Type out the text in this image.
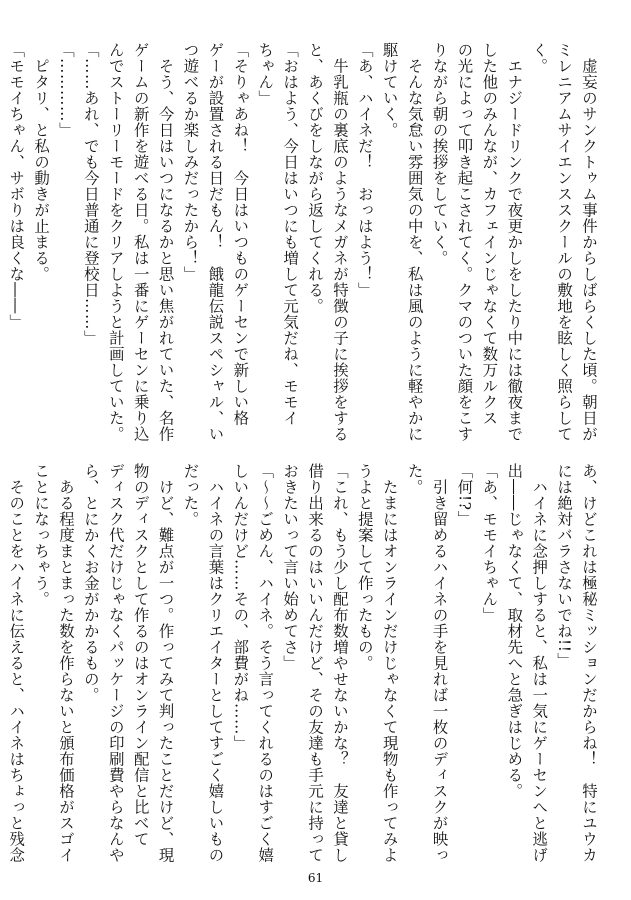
　虚妄のサンクトゥム事件からしばらくした頃。朝日が
ミレニアムサイエンススクールの敷地を眩しく照らして
く。
　エナジードリンクで夜更かしをしたり中には徹夜まで
した他のみんなが、カフェインじゃなくて数万ルクス
の光によって叩き起こされてく。クマのついた顔をこす
りながら朝の挨拶をしていく。
　そんな気怠い雰囲気の中を、私は風のように軽やかに
駆けていく。
「あ、ハイネだ！　おっはよう！」
　牛乳瓶の裏底のようなメガネが特徴の子に挨拶をする
と、あくびをしながら返してくれる。
「おはよう、今日はいつにも増して元気だね、モモイ
ちゃん」
「そりゃあね！　今日はいつものゲーセンで新しい格
ゲーが設置される日だもん！　餓龍伝説スペシャル、い
つ遊べるか楽しみだったから！」
　そう、今日はいつになるかと思い焦がれていた、名作
ゲームの新作を遊べる日。私は一番にゲーセンに乗り込
んでストーリーモードをクリアしようと計画していた。
「……あれ、でも今日普通に登校日……」
「…………」
　ピタリ、と私の動きが止まる。
「モモイちゃん、サボりは良くな――」
あ、けどこれは極秘ミッションだからね！　特にユウカ
には絶対バラさないでね!!」
　ハイネに念押しすると、私は一気にゲーセンへと逃げ
出――じゃなくて、取材先へと急ぎはじめる。
「あ、モモイちゃん」
「何!?」
　引き留めるハイネの手を見れば一枚のディスクが映っ
た。
　たまにはオンラインだけじゃなくて現物も作ってみよ
うよと提案して作ったもの。
「これ、もう少し配布数増やせないかな？　友達と貸し
借り出来るのはいいんだけど、その友達も手元に持って
おきたいって言い始めてさ」
「～～ごめん、ハイネ。そう言ってくれるのはすごく嬉
しいんだけど……その、部費がね……」
　ハイネの言葉はクリエイターとしてすごく嬉しいもの
だった。
　けど、難点が一つ。作ってみて判ったことだけど、現
物のディスクとして作るのはオンライン配信と比べて
ディスク代だけじゃなくパッケージの印刷費やらなんや
ら、とにかくお金がかかるもの。
　ある程度まとまった数を作らないと頒布価格がスゴイ
ことになっちゃう。
　そのことをハイネに伝えると、ハイネはちょっと残念
61
